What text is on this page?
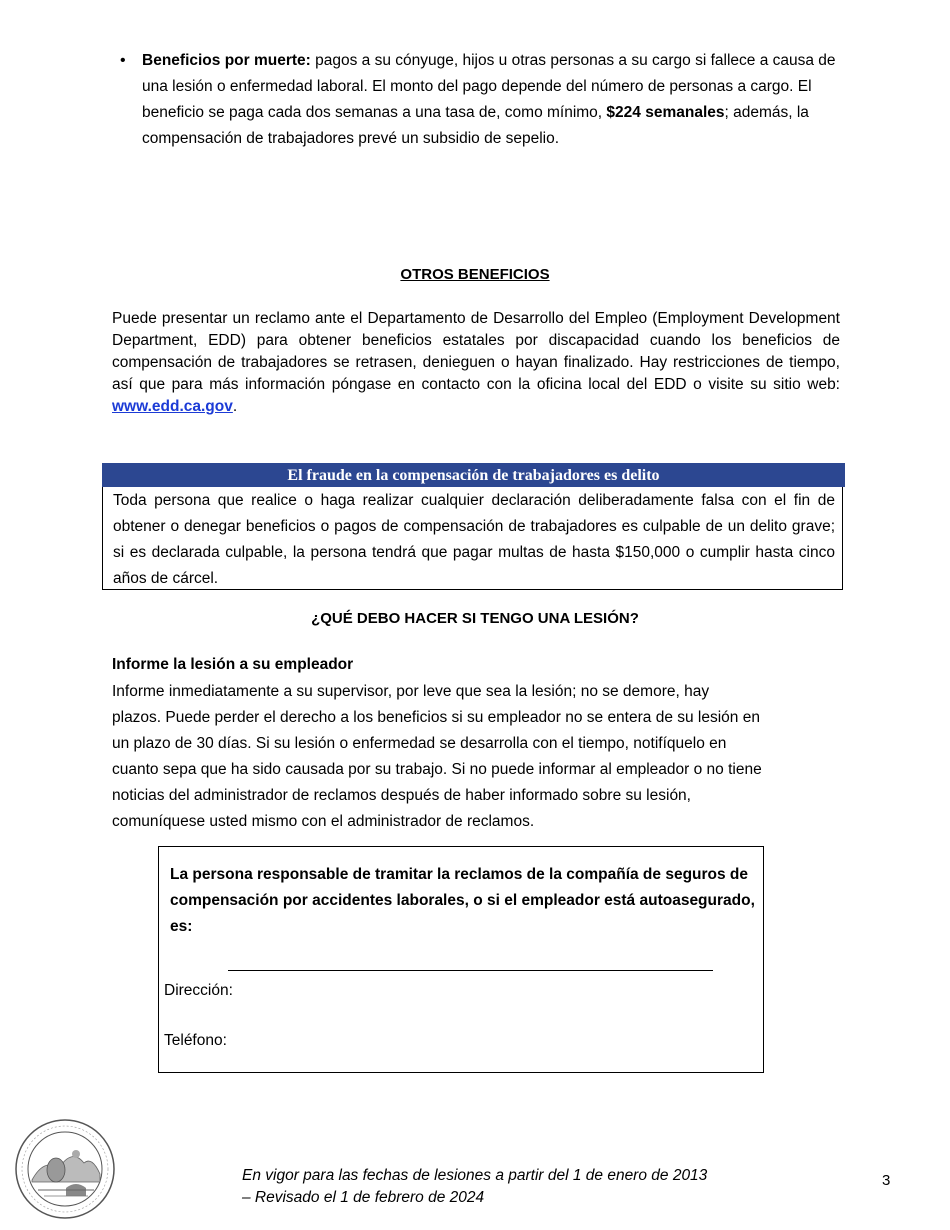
• Beneficios por muerte: pagos a su cónyuge, hijos u otras personas a su cargo si fallece a causa de una lesión o enfermedad laboral. El monto del pago depende del número de personas a cargo. El beneficio se paga cada dos semanas a una tasa de, como mínimo, $224 semanales; además, la compensación de trabajadores prevé un subsidio de sepelio.
OTROS BENEFICIOS
Puede presentar un reclamo ante el Departamento de Desarrollo del Empleo (Employment Development Department, EDD) para obtener beneficios estatales por discapacidad cuando los beneficios de compensación de trabajadores se retrasen, denieguen o hayan finalizado. Hay restricciones de tiempo, así que para más información póngase en contacto con la oficina local del EDD o visite su sitio web: www.edd.ca.gov.
El fraude en la compensación de trabajadores es delito
Toda persona que realice o haga realizar cualquier declaración deliberadamente falsa con el fin de obtener o denegar beneficios o pagos de compensación de trabajadores es culpable de un delito grave; si es declarada culpable, la persona tendrá que pagar multas de hasta $150,000 o cumplir hasta cinco años de cárcel.
¿QUÉ DEBO HACER SI TENGO UNA LESIÓN?
Informe la lesión a su empleador
Informe inmediatamente a su supervisor, por leve que sea la lesión; no se demore, hay
plazos. Puede perder el derecho a los beneficios si su empleador no se entera de su lesión en
un plazo de 30 días. Si su lesión o enfermedad se desarrolla con el tiempo, notifíquelo en
cuanto sepa que ha sido causada por su trabajo. Si no puede informar al empleador o no tiene
noticias del administrador de reclamos después de haber informado sobre su lesión,
comuníquese usted mismo con el administrador de reclamos.
La persona responsable de tramitar la reclamos de la compañía de seguros de compensación por accidentes laborales, o si el empleador está autoasegurado, es:
Dirección:
Teléfono:
En vigor para las fechas de lesiones a partir del 1 de enero de 2013
– Revisado el 1 de febrero de 2024
3
